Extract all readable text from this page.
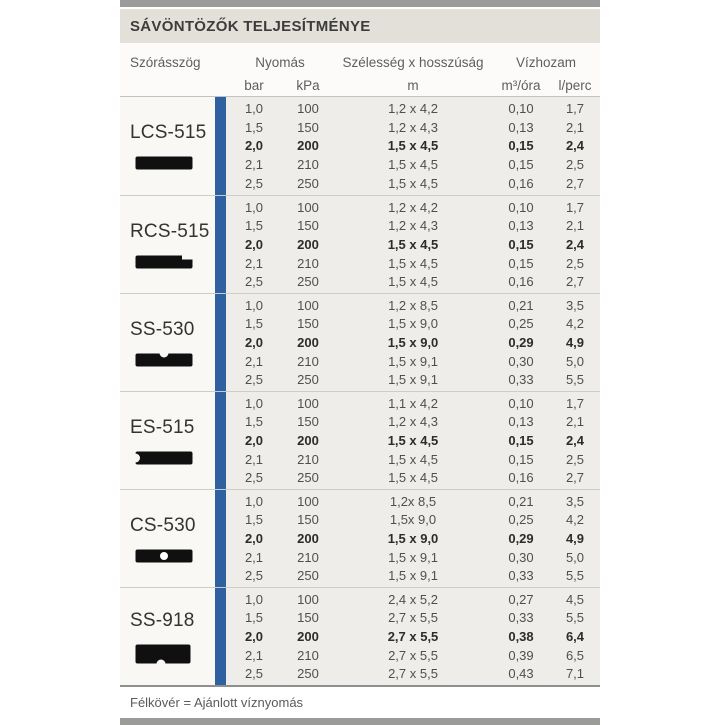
SÁVÖNTÖZŐK TELJESÍTMÉNYE
Szórásszög	Nyomás	Szélesség x hosszúság	Vízhozam
bar	kPa	m	m³/óra	l/perc
LCS-515
1,0	100	1,2 x 4,2	0,10	1,7
1,5	150	1,2 x 4,3	0,13	2,1
2,0	200	1,5 x 4,5	0,15	2,4
2,1	210	1,5 x 4,5	0,15	2,5
2,5	250	1,5 x 4,5	0,16	2,7
RCS-515
1,0	100	1,2 x 4,2	0,10	1,7
1,5	150	1,2 x 4,3	0,13	2,1
2,0	200	1,5 x 4,5	0,15	2,4
2,1	210	1,5 x 4,5	0,15	2,5
2,5	250	1,5 x 4,5	0,16	2,7
SS-530
1,0	100	1,2 x 8,5	0,21	3,5
1,5	150	1,5 x 9,0	0,25	4,2
2,0	200	1,5 x 9,0	0,29	4,9
2,1	210	1,5 x 9,1	0,30	5,0
2,5	250	1,5 x 9,1	0,33	5,5
ES-515
1,0	100	1,1 x 4,2	0,10	1,7
1,5	150	1,2 x 4,3	0,13	2,1
2,0	200	1,5 x 4,5	0,15	2,4
2,1	210	1,5 x 4,5	0,15	2,5
2,5	250	1,5 x 4,5	0,16	2,7
CS-530
1,0	100	1,2x 8,5	0,21	3,5
1,5	150	1,5x 9,0	0,25	4,2
2,0	200	1,5 x 9,0	0,29	4,9
2,1	210	1,5 x 9,1	0,30	5,0
2,5	250	1,5 x 9,1	0,33	5,5
SS-918
1,0	100	2,4 x 5,2	0,27	4,5
1,5	150	2,7 x 5,5	0,33	5,5
2,0	200	2,7 x 5,5	0,38	6,4
2,1	210	2,7 x 5,5	0,39	6,5
2,5	250	2,7 x 5,5	0,43	7,1
Félkövér = Ajánlott víznyomás
